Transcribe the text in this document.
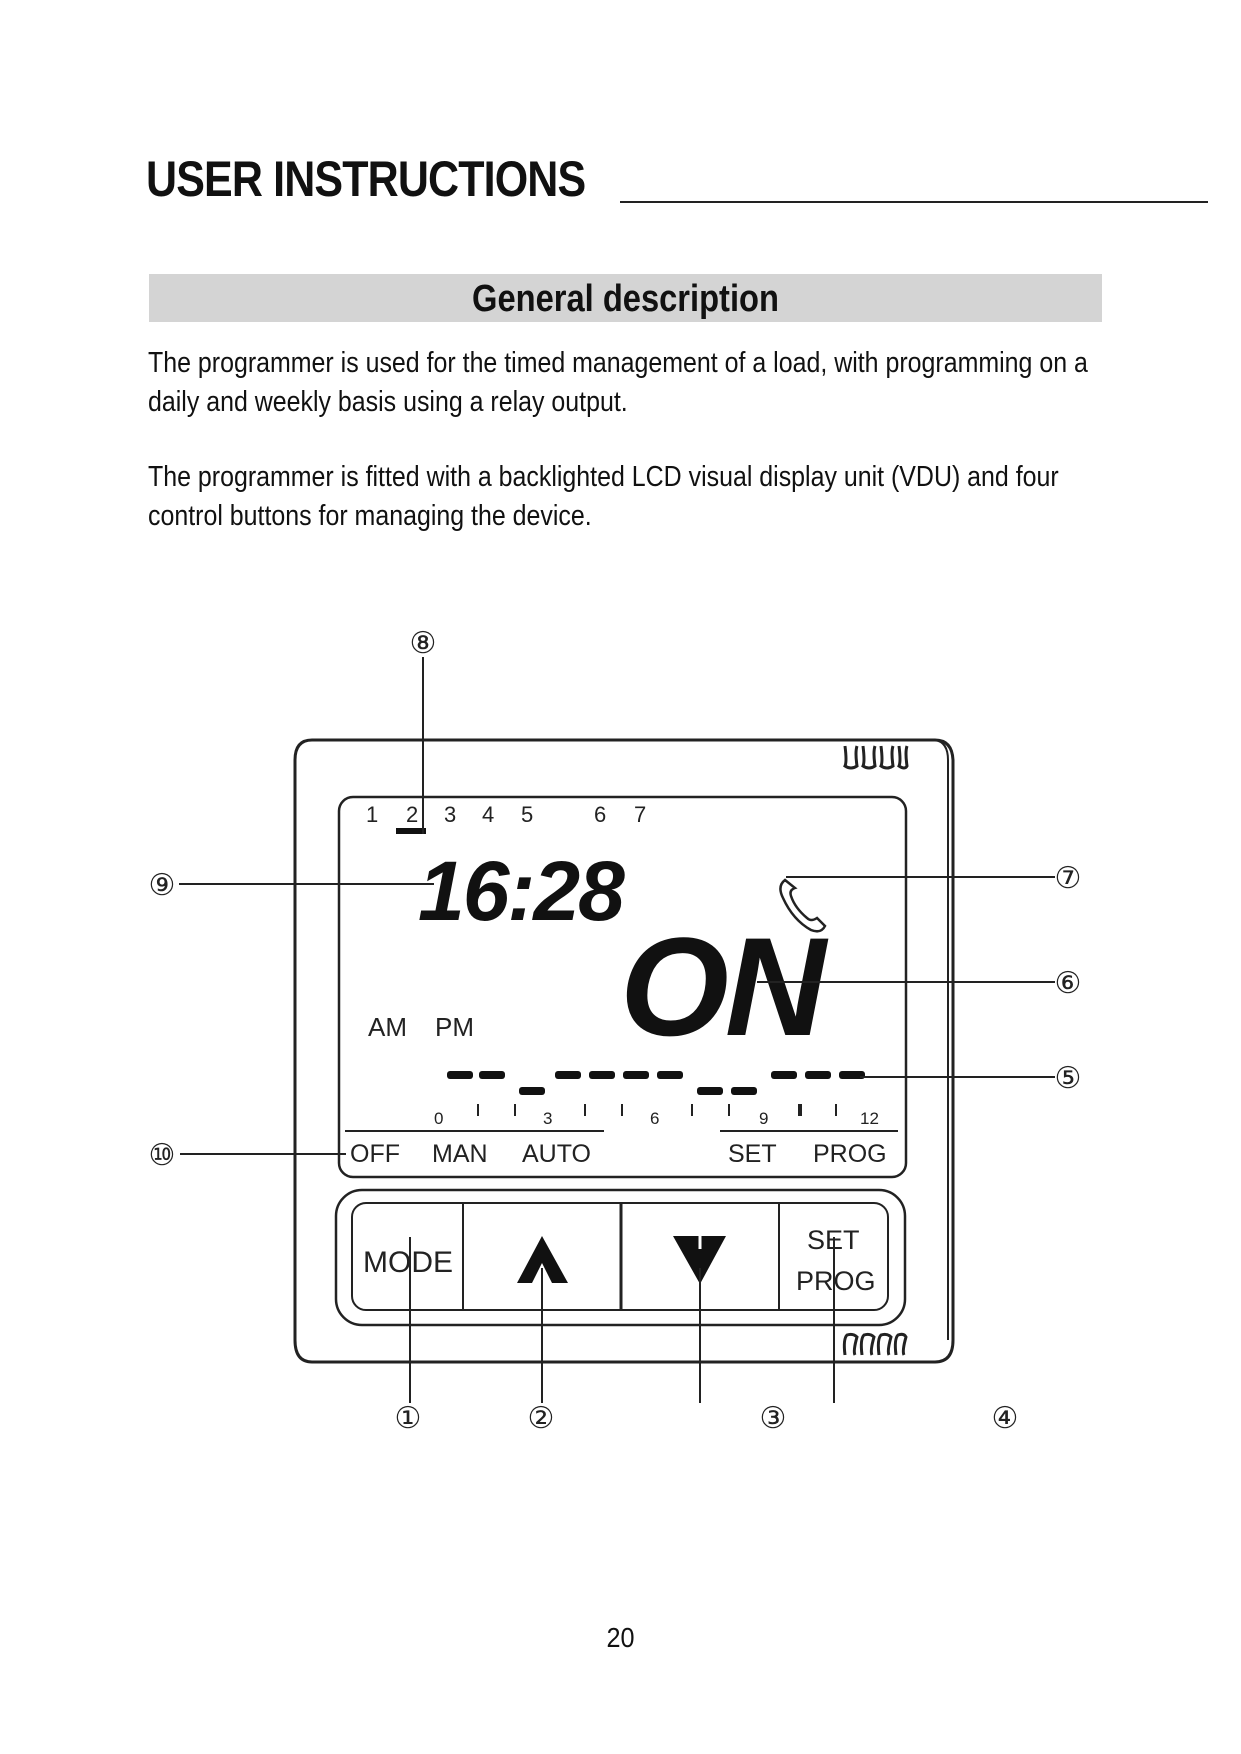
USER INSTRUCTIONS
General description

The programmer is used for the timed management of a load, with programming on a daily and weekly basis using a relay output.

The programmer is fitted with a backlighted LCD visual display unit (VDU) and four control buttons for managing the device.

1 2 3 4 5	6 7
16:28
ON
AM PM
0	3	6	9	12
OFF MAN AUTO	SET PROG
MODE
SET
PROG
①	②	③	④
⑤
⑥
⑦
⑧
⑨
⑩
20
